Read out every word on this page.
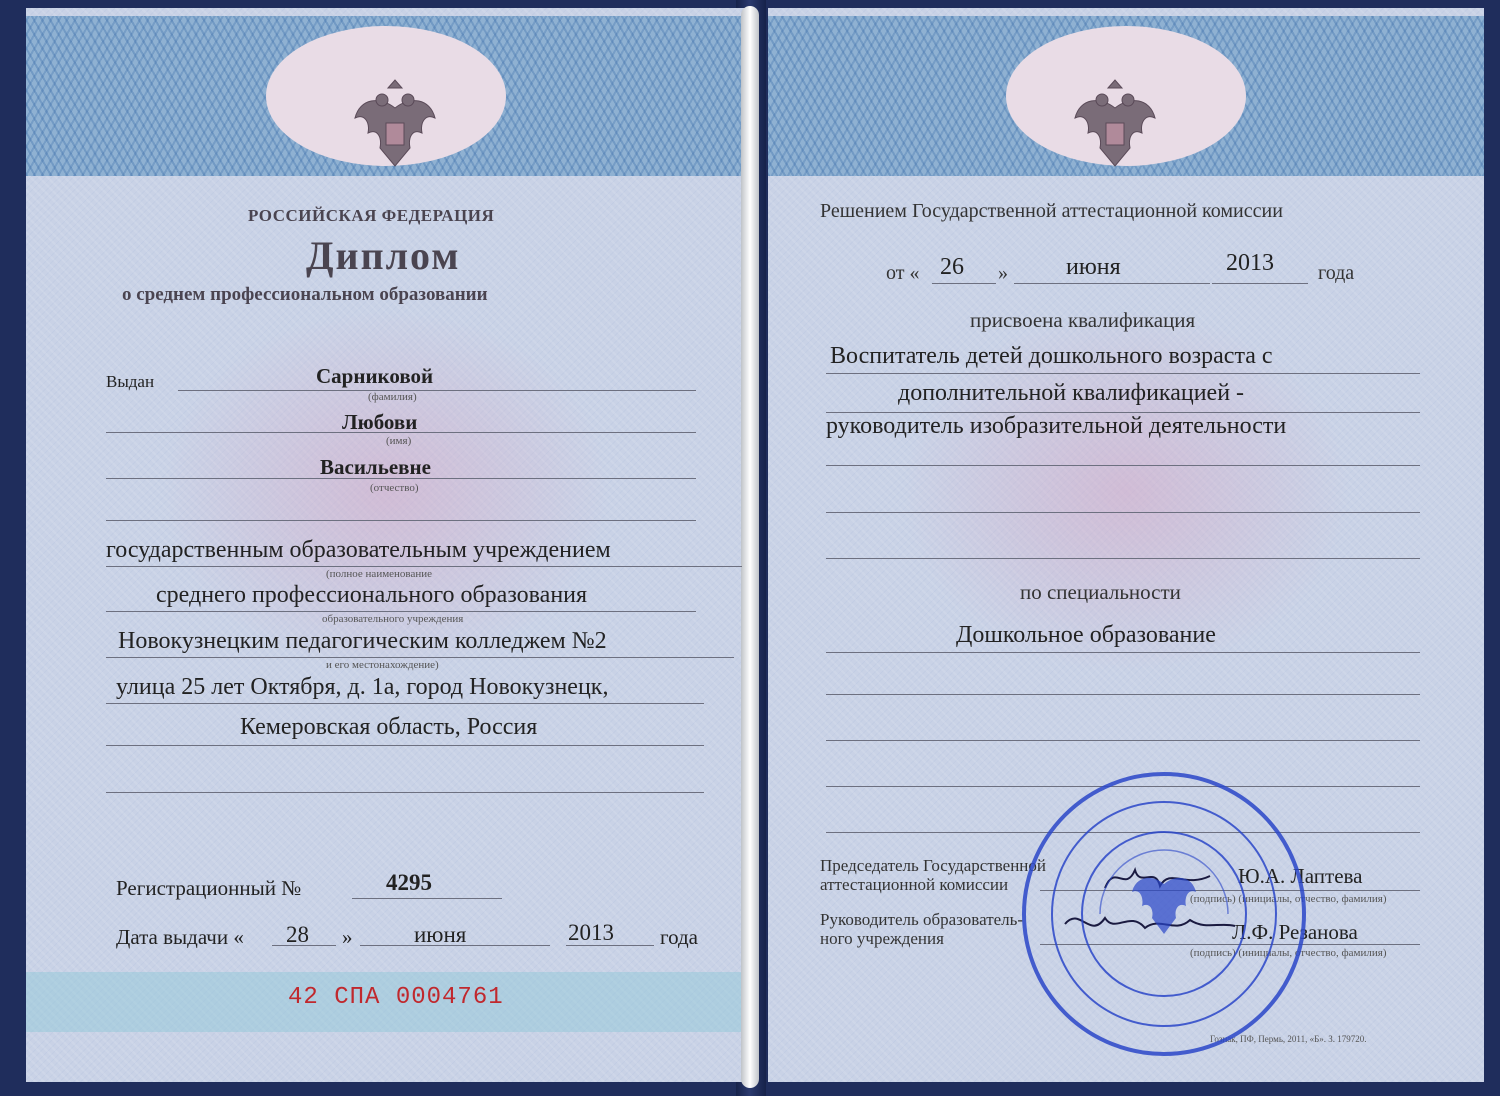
РОССИЙСКАЯ ФЕДЕРАЦИЯ
Диплом
о среднем профессиональном образовании
Выдан	Сарниковой
(фамилия)
Любови
(имя)
Васильевне
(отчество)
государственным образовательным учреждением
(полное наименование
среднего профессионального образования
образовательного учреждения
Новокузнецким педагогическим колледжем №2
и его местонахождение)
улица 25 лет Октября, д. 1а, город Новокузнецк,
Кемеровская область, Россия
Регистрационный №	4295
Дата выдачи « 28 »	июня	2013 года
42 СПА 0004761
Решением Государственной аттестационной комиссии
от « 26 » июня	2013 года
присвоена квалификация
Воспитатель детей дошкольного возраста с
дополнительной квалификацией -
руководитель изобразительной деятельности
по специальности
Дошкольное образование
Председатель Государственной
аттестационной комиссии	Ю.А. Лаптева
(подпись) (инициалы, отчество, фамилия)
Руководитель образователь-
ного учреждения	Л.Ф. Резанова
(подпись) (инициалы, отчество, фамилия)
Гознак, ПФ, Пермь, 2011, «Б». З. 179720.
